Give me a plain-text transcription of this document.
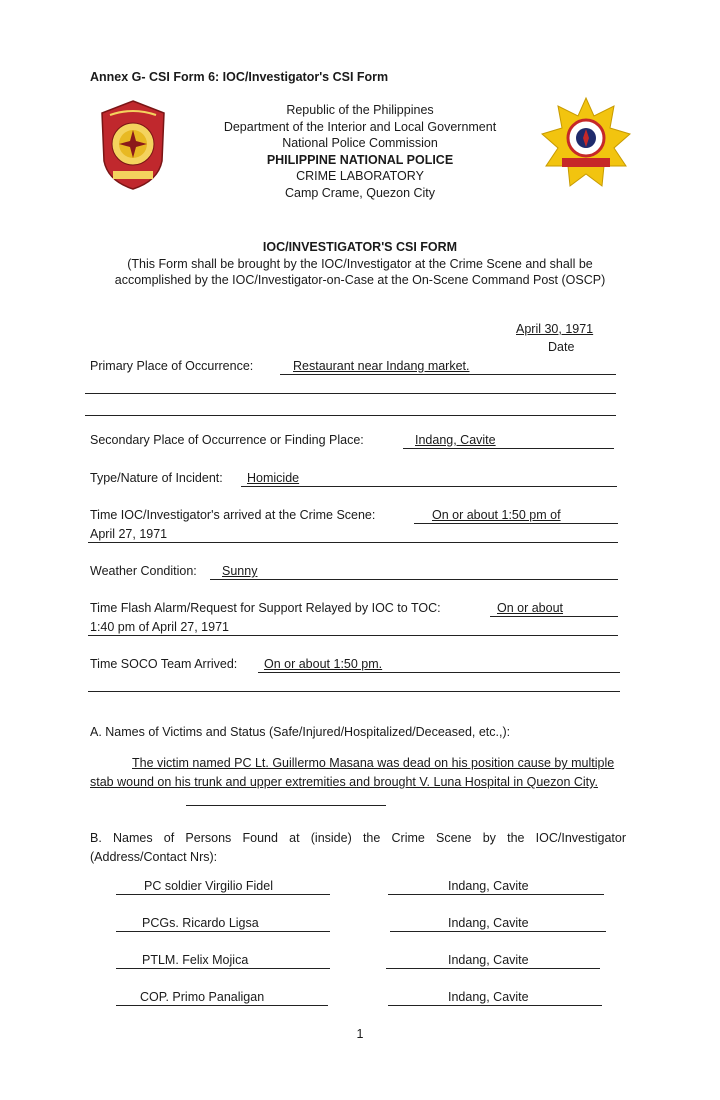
Annex G- CSI Form 6: IOC/Investigator's CSI Form
Republic of the Philippines
Department of the Interior and Local Government
National Police Commission
PHILIPPINE NATIONAL POLICE
CRIME LABORATORY
Camp Crame, Quezon City
IOC/INVESTIGATOR'S CSI FORM
(This Form shall be brought by the IOC/Investigator at the Crime Scene and shall be accomplished by the IOC/Investigator-on-Case at the On-Scene Command Post (OSCP)
April 30, 1971
Date
Primary Place of Occurrence:	Restaurant near Indang market.
Secondary Place of Occurrence or Finding Place:	Indang, Cavite
Type/Nature of Incident: Homicide
Time IOC/Investigator's arrived at the Crime Scene:	On or about 1:50 pm of
April 27, 1971
Weather Condition: Sunny
Time Flash Alarm/Request for Support Relayed by IOC to TOC:	On or about
1:40 pm of April 27, 1971
Time SOCO Team Arrived: On or about 1:50 pm.
A. Names of Victims and Status (Safe/Injured/Hospitalized/Deceased, etc.,):
The victim named PC Lt. Guillermo Masana was dead on his position cause by multiple stab wound on his trunk and upper extremities and brought V. Luna Hospital in Quezon City.
B. Names of Persons Found at (inside) the Crime Scene by the IOC/Investigator (Address/Contact Nrs):
PC soldier Virgilio Fidel	Indang, Cavite
PCGs. Ricardo Ligsa	Indang, Cavite
PTLM. Felix Mojica	Indang, Cavite
COP. Primo Panaligan	Indang, Cavite
1
